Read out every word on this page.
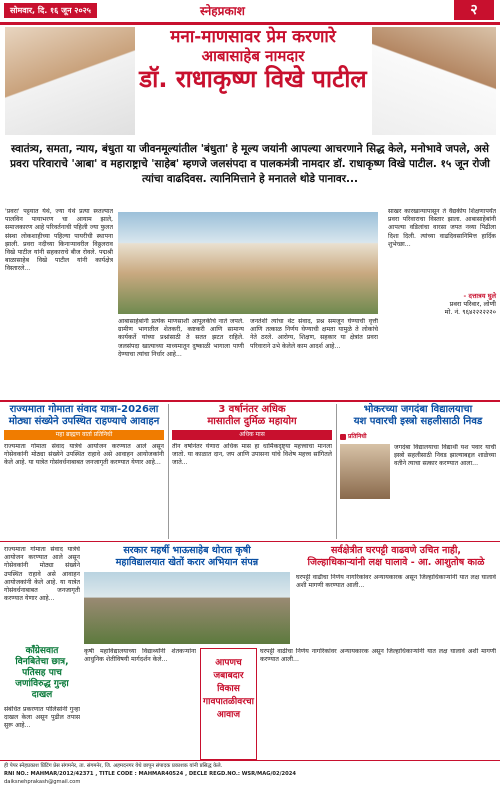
सोमवार, दि. १६ जून २०२५	स्नेहप्रकाश	२
मना-माणसावर प्रेम करणारे
आबासाहेब नामदार
डॉ. राधाकृष्ण विखे पाटील
स्वातंत्र्य, समता, न्याय, बंधुता या जीवनमूल्यांतील 'बंधुता' हे मूल्य जयांनी आपल्या आचरणाने सिद्ध केले, मनोभावे जपले, असे प्रवरा परिवाराचे 'आबा' व महाराष्ट्राचे 'साहेब' म्हणजे जलसंपदा व पालकमंत्री नामदार डॉ. राधाकृष्ण विखे पाटील. १५ जून रोजी त्यांचा वाढदिवस. त्यानिमित्ताने हे मनातले थोडे पानावर...
'प्रवरा' पट्टयात येथे, ज्या येथे प्रत्या स्व्तल्पात पालविन पायाभरण चा आयाम झाले, समाजकारण आहे परिवर्तनाची पहिली ज्या फुलत संस्था लोकशाहीच्या पहिल्या पायरीची स्थापना झाली. प्रवरा नदीच्या किनाऱ्यावरील विठ्ठलराव विखे पाटील यांनी सहकाराचे बीज रोवले. पद्मश्री बाळासाहेब विखे पाटील यांनी कार्यक्षेत्र विस्तारले...
आबासाहेबांनी प्रत्येक माणसाशी आपुलकीचे नाते जपले. ग्रामीण भागातील शेतकरी, कष्टकरी आणि सामान्य कार्यकर्ते यांच्या प्रश्नांसाठी ते सतत झटत राहिले. जलसंपदा खात्याच्या माध्यमातून दुष्काळी भागाला पाणी देण्याचा त्यांचा निर्धार आहे...
जनतेशी त्यांचा थेट संवाद, प्रश्न समजून घेण्याची वृत्ती आणि तत्काळ निर्णय घेण्याची क्षमता यामुळे ते लोकांचे नेते ठरले. आरोग्य, शिक्षण, सहकार या क्षेत्रांत प्रवरा परिवाराने उभे केलेले काम आदर्श आहे...
साखर कारखान्यापासून ते वैद्यकीय शिक्षणापर्यंत प्रवरा परिवाराचा विस्तार झाला. आबासाहेबांनी आपल्या वडिलांचा वारसा जपत नव्या पिढीला दिशा दिली. त्यांच्या वाढदिवसानिमित्त हार्दिक शुभेच्छा...
- दत्तात्रय घुले
प्रवरा परिवार, लोणी
मो. नं. ९६४२२२२२२०
राज्यमाता गोमाता संवाद यात्रा-2026ला
मोठ्या संख्येने उपस्थित राहण्याचे आवाहन
महा ब्राह्मण वार्ता प्रतिनिधी
राज्यमाता गोमाता संवाद यात्रेचे आयोजन करण्यात आले असून गोसेवकांनी मोठ्या संख्येने उपस्थित राहावे असे आवाहन आयोजकांनी केले आहे. या यात्रेत गोसंवर्धनाबाबत जनजागृती करण्यात येणार आहे...
3 वर्षानंतर अधिक
मासातील दुर्मिळ महायोग
अधिक मास
तीन वर्षानंतर येणारा अधिक मास हा धार्मिकदृष्ट्या महत्त्वाचा मानला जातो. या काळात दान, जप आणि उपासना यांचे विशेष महत्त्व सांगितले जाते...
भोकरच्या जगदंबा विद्यालयाचा
यश पवारची इस्त्रो सहलीसाठी निवड
प्रतिनिधी
जगदंबा विद्यालयाचा विद्यार्थी यश पवार याची इस्त्रो सहलीसाठी निवड झाल्याबद्दल शाळेच्या वतीने त्याचा सत्कार करण्यात आला...
राज्यमाता गोमाता संवाद यात्रेचे आयोजन करण्यात आले असून गोसेवकांनी मोठ्या संख्येने उपस्थित राहावे असे आवाहन आयोजकांनी केले आहे. या यात्रेत गोसंवर्धनाबाबत जनजागृती करण्यात येणार आहे...
सरकार महर्षी भाऊसाहेब थोरात कृषी
महाविद्यालयात खेतों करार अभियान संपन्न
सर्वक्षेत्रीत घरपट्टी वाढवणे उचित नाही,
जिल्हाधिकाऱ्यांनी लक्ष घालावे - आ. आशुतोष काळे
घरपट्टी वाढीचा निर्णय नागरिकांवर अन्यायकारक असून जिल्हाधिकाऱ्यांनी यात लक्ष घालावे अशी मागणी करण्यात आली...
काँग्रेसवात
विनबितेचा छात्र, पतिसह पाच जणांविरुद्ध गुन्हा दाखल
संबंधित प्रकरणात पोलिसांनी गुन्हा दाखल केला असून पुढील तपास सुरू आहे...
कृषी महाविद्यालयाच्या विद्यार्थ्यांनी शेतकऱ्यांना आधुनिक शेतीविषयी मार्गदर्शन केले...	आपणच जबाबदार विकास गावपातळीवरचा आवाज
घरपट्टी वाढीचा निर्णय नागरिकांवर अन्यायकारक असून जिल्हाधिकाऱ्यांनी यात लक्ष घालावे अशी मागणी करण्यात आली...
ही पेपर स्नेहप्रकाश प्रिंटिंग प्रेस संगमनेर, ता. संगमनेर, जि. अहमदनगर येथे छापून संपादक प्रकाशक यांनी प्रसिद्ध केले.
RNI NO.: MAHMAR/2012/42371 , TITLE CODE : MAHMAR40524 , DECLE REGD.NO.: WSR/MAG/02/2024
daiksnehprakash@gmail.com
